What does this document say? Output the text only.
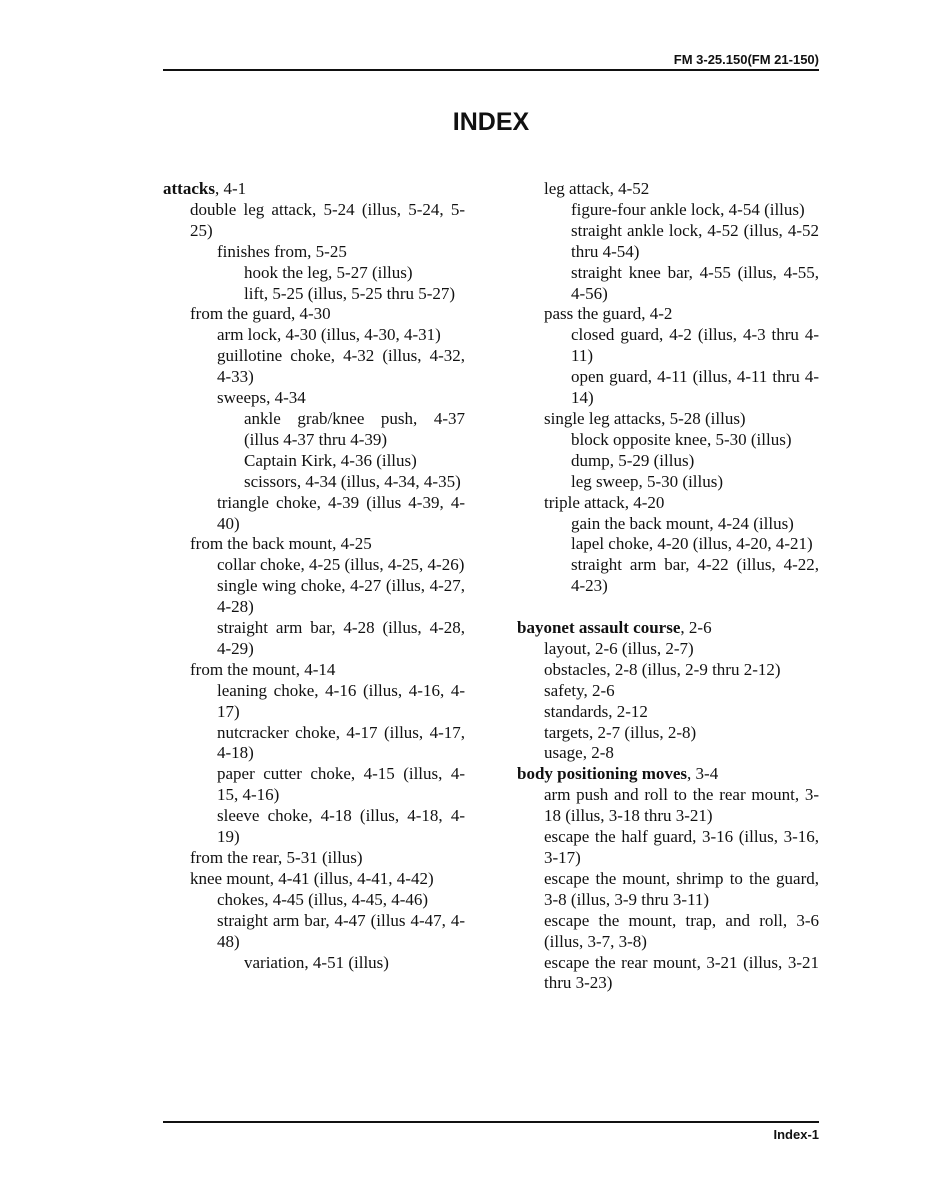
FM 3-25.150(FM 21-150)
INDEX
attacks, 4-1
double leg attack, 5-24 (illus, 5-24, 5-25)
finishes from, 5-25
hook the leg, 5-27 (illus)
lift, 5-25 (illus, 5-25 thru 5-27)
from the guard, 4-30
arm lock, 4-30 (illus, 4-30, 4-31)
guillotine choke, 4-32 (illus, 4-32, 4-33)
sweeps, 4-34
ankle grab/knee push, 4-37 (illus 4-37 thru 4-39)
Captain Kirk, 4-36 (illus)
scissors, 4-34 (illus, 4-34, 4-35)
triangle choke, 4-39 (illus 4-39, 4-40)
from the back mount, 4-25
collar choke, 4-25 (illus, 4-25, 4-26)
single wing choke, 4-27 (illus, 4-27, 4-28)
straight arm bar, 4-28 (illus, 4-28, 4-29)
from the mount, 4-14
leaning choke, 4-16 (illus, 4-16, 4-17)
nutcracker choke, 4-17 (illus, 4-17, 4-18)
paper cutter choke, 4-15 (illus, 4-15, 4-16)
sleeve choke, 4-18 (illus, 4-18, 4-19)
from the rear, 5-31 (illus)
knee mount, 4-41 (illus, 4-41, 4-42)
chokes, 4-45 (illus, 4-45, 4-46)
straight arm bar, 4-47 (illus 4-47, 4-48)
variation, 4-51 (illus)
leg attack, 4-52
figure-four ankle lock, 4-54 (illus)
straight ankle lock, 4-52 (illus, 4-52 thru 4-54)
straight knee bar, 4-55 (illus, 4-55, 4-56)
pass the guard, 4-2
closed guard, 4-2 (illus, 4-3 thru 4-11)
open guard, 4-11 (illus, 4-11 thru 4-14)
single leg attacks, 5-28 (illus)
block opposite knee, 5-30 (illus)
dump, 5-29 (illus)
leg sweep, 5-30 (illus)
triple attack, 4-20
gain the back mount, 4-24 (illus)
lapel choke, 4-20 (illus, 4-20, 4-21)
straight arm bar, 4-22 (illus, 4-22, 4-23)
bayonet assault course, 2-6
layout, 2-6 (illus, 2-7)
obstacles, 2-8 (illus, 2-9 thru 2-12)
safety, 2-6
standards, 2-12
targets, 2-7 (illus, 2-8)
usage, 2-8
body positioning moves, 3-4
arm push and roll to the rear mount, 3-18 (illus, 3-18 thru 3-21)
escape the half guard, 3-16 (illus, 3-16, 3-17)
escape the mount, shrimp to the guard, 3-8 (illus, 3-9 thru 3-11)
escape the mount, trap, and roll, 3-6 (illus, 3-7, 3-8)
escape the rear mount, 3-21 (illus, 3-21 thru 3-23)
Index-1
